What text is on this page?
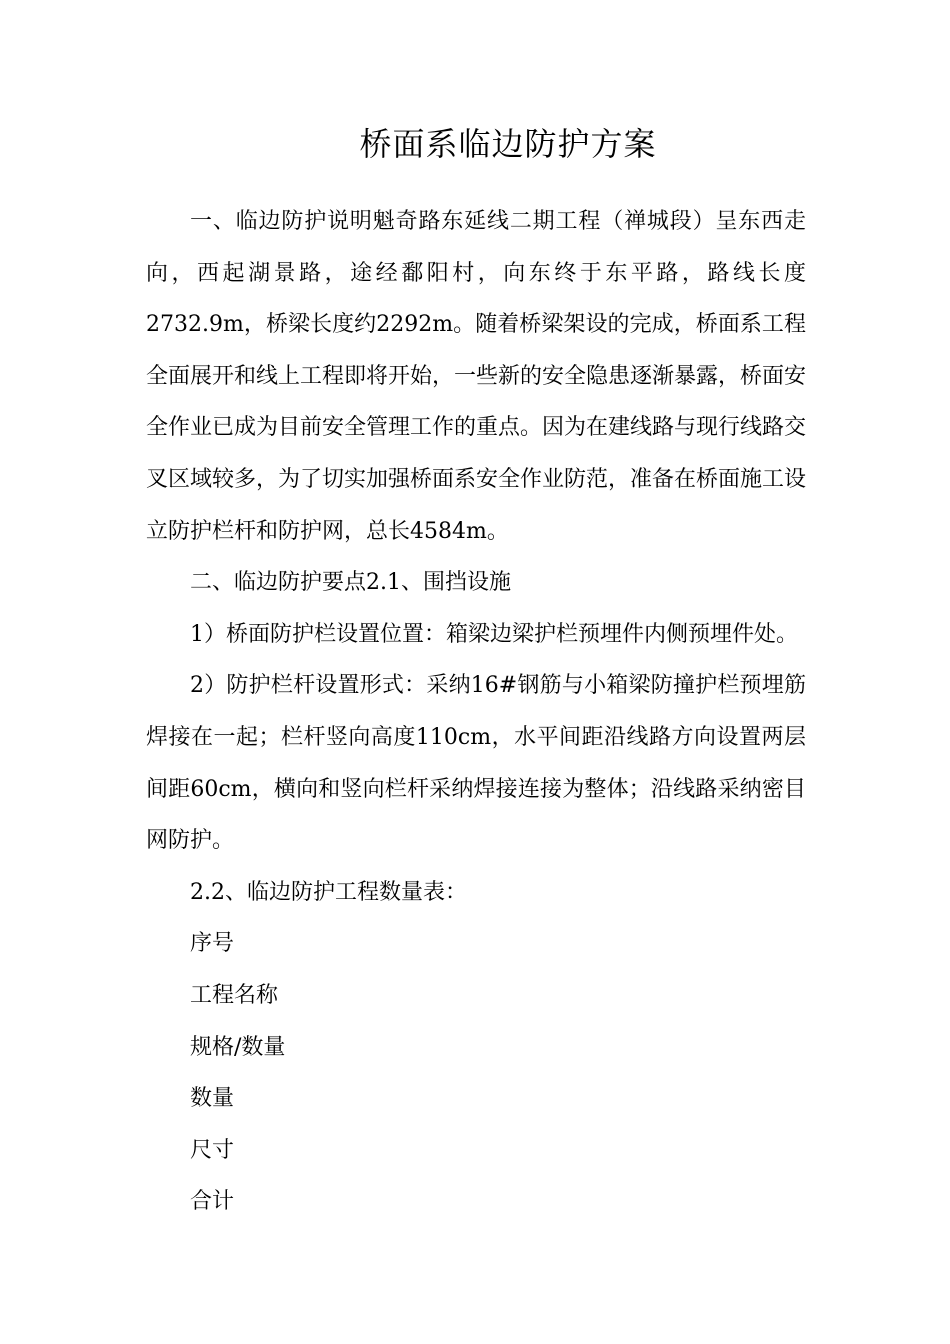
桥面系临边防护方案

一、临边防护说明魁奇路东延线二期工程（禅城段）呈东西走向，西起湖景路，途经鄱阳村，向东终于东平路，路线长度2732.9m，桥梁长度约2292m。随着桥梁架设的完成，桥面系工程全面展开和线上工程即将开始，一些新的安全隐患逐渐暴露，桥面安全作业已成为目前安全管理工作的重点。因为在建线路与现行线路交叉区域较多，为了切实加强桥面系安全作业防范，准备在桥面施工设立防护栏杆和防护网，总长4584m。

二、临边防护要点2.1、围挡设施

1）桥面防护栏设置位置：箱梁边梁护栏预埋件内侧预埋件处。

2）防护栏杆设置形式：采纳16#钢筋与小箱梁防撞护栏预埋筋焊接在一起；栏杆竖向高度110cm，水平间距沿线路方向设置两层间距60cm，横向和竖向栏杆采纳焊接连接为整体；沿线路采纳密目网防护。

2.2、临边防护工程数量表：

序号

工程名称

规格/数量

数量

尺寸

合计
